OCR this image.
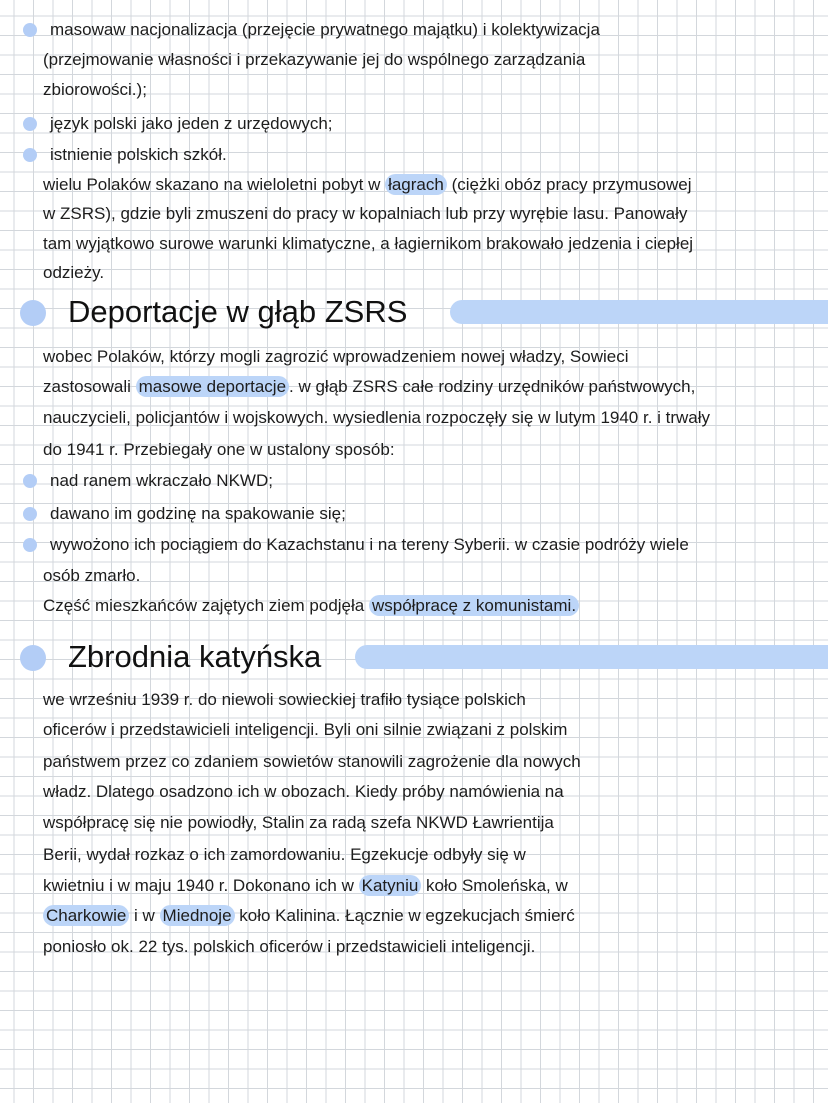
masowaw nacjonalizacja (przejęcie prywatnego majątku) i kolektywizacja
(przejmowanie własności i przekazywanie jej do wspólnego zarządzania
zbiorowości.);
język polski jako jeden z urzędowych;
istnienie polskich szkół.
wielu Polaków skazano na wieloletni pobyt w łagrach (ciężki obóz pracy przymusowej
w ZSRS), gdzie byli zmuszeni do pracy w kopalniach lub przy wyrębie lasu. Panowały
tam wyjątkowo surowe warunki klimatyczne, a łagiernikom brakowało jedzenia i ciepłej
odzieży.
Deportacje w głąb ZSRS
wobec Polaków, którzy mogli zagrozić wprowadzeniem nowej władzy, Sowieci
zastosowali masowe deportacje . w głąb ZSRS całe rodziny urzędników państwowych,
nauczycieli, policjantów i wojskowych. wysiedlenia rozpoczęły się w lutym 1940 r. i trwały
do 1941 r. Przebiegały one w ustalony sposób:
nad ranem wkraczało NKWD;
dawano im godzinę na spakowanie się;
wywożono ich pociągiem do Kazachstanu i na tereny Syberii. w czasie podróży wiele
osób zmarło.
Część mieszkańców zajętych ziem podjęła współpracę z komunistami.
Zbrodnia katyńska
we wrześniu 1939 r. do niewoli sowieckiej trafiło tysiące polskich
oficerów i przedstawicieli inteligencji. Byli oni silnie związani z polskim
państwem przez co zdaniem sowietów stanowili zagrożenie dla nowych
władz. Dlatego osadzono ich w obozach. Kiedy próby namówienia na
współpracę się nie powiodły, Stalin za radą szefa NKWD Ławrientija
Berii, wydał rozkaz o ich zamordowaniu. Egzekucje odbyły się w
kwietniu i w maju 1940 r. Dokonano ich w Katyniu koło Smoleńska, w
Charkowie i w Miednoje koło Kalinina. Łącznie w egzekucjach śmierć
poniosło ok. 22 tys. polskich oficerów i przedstawicieli inteligencji.
